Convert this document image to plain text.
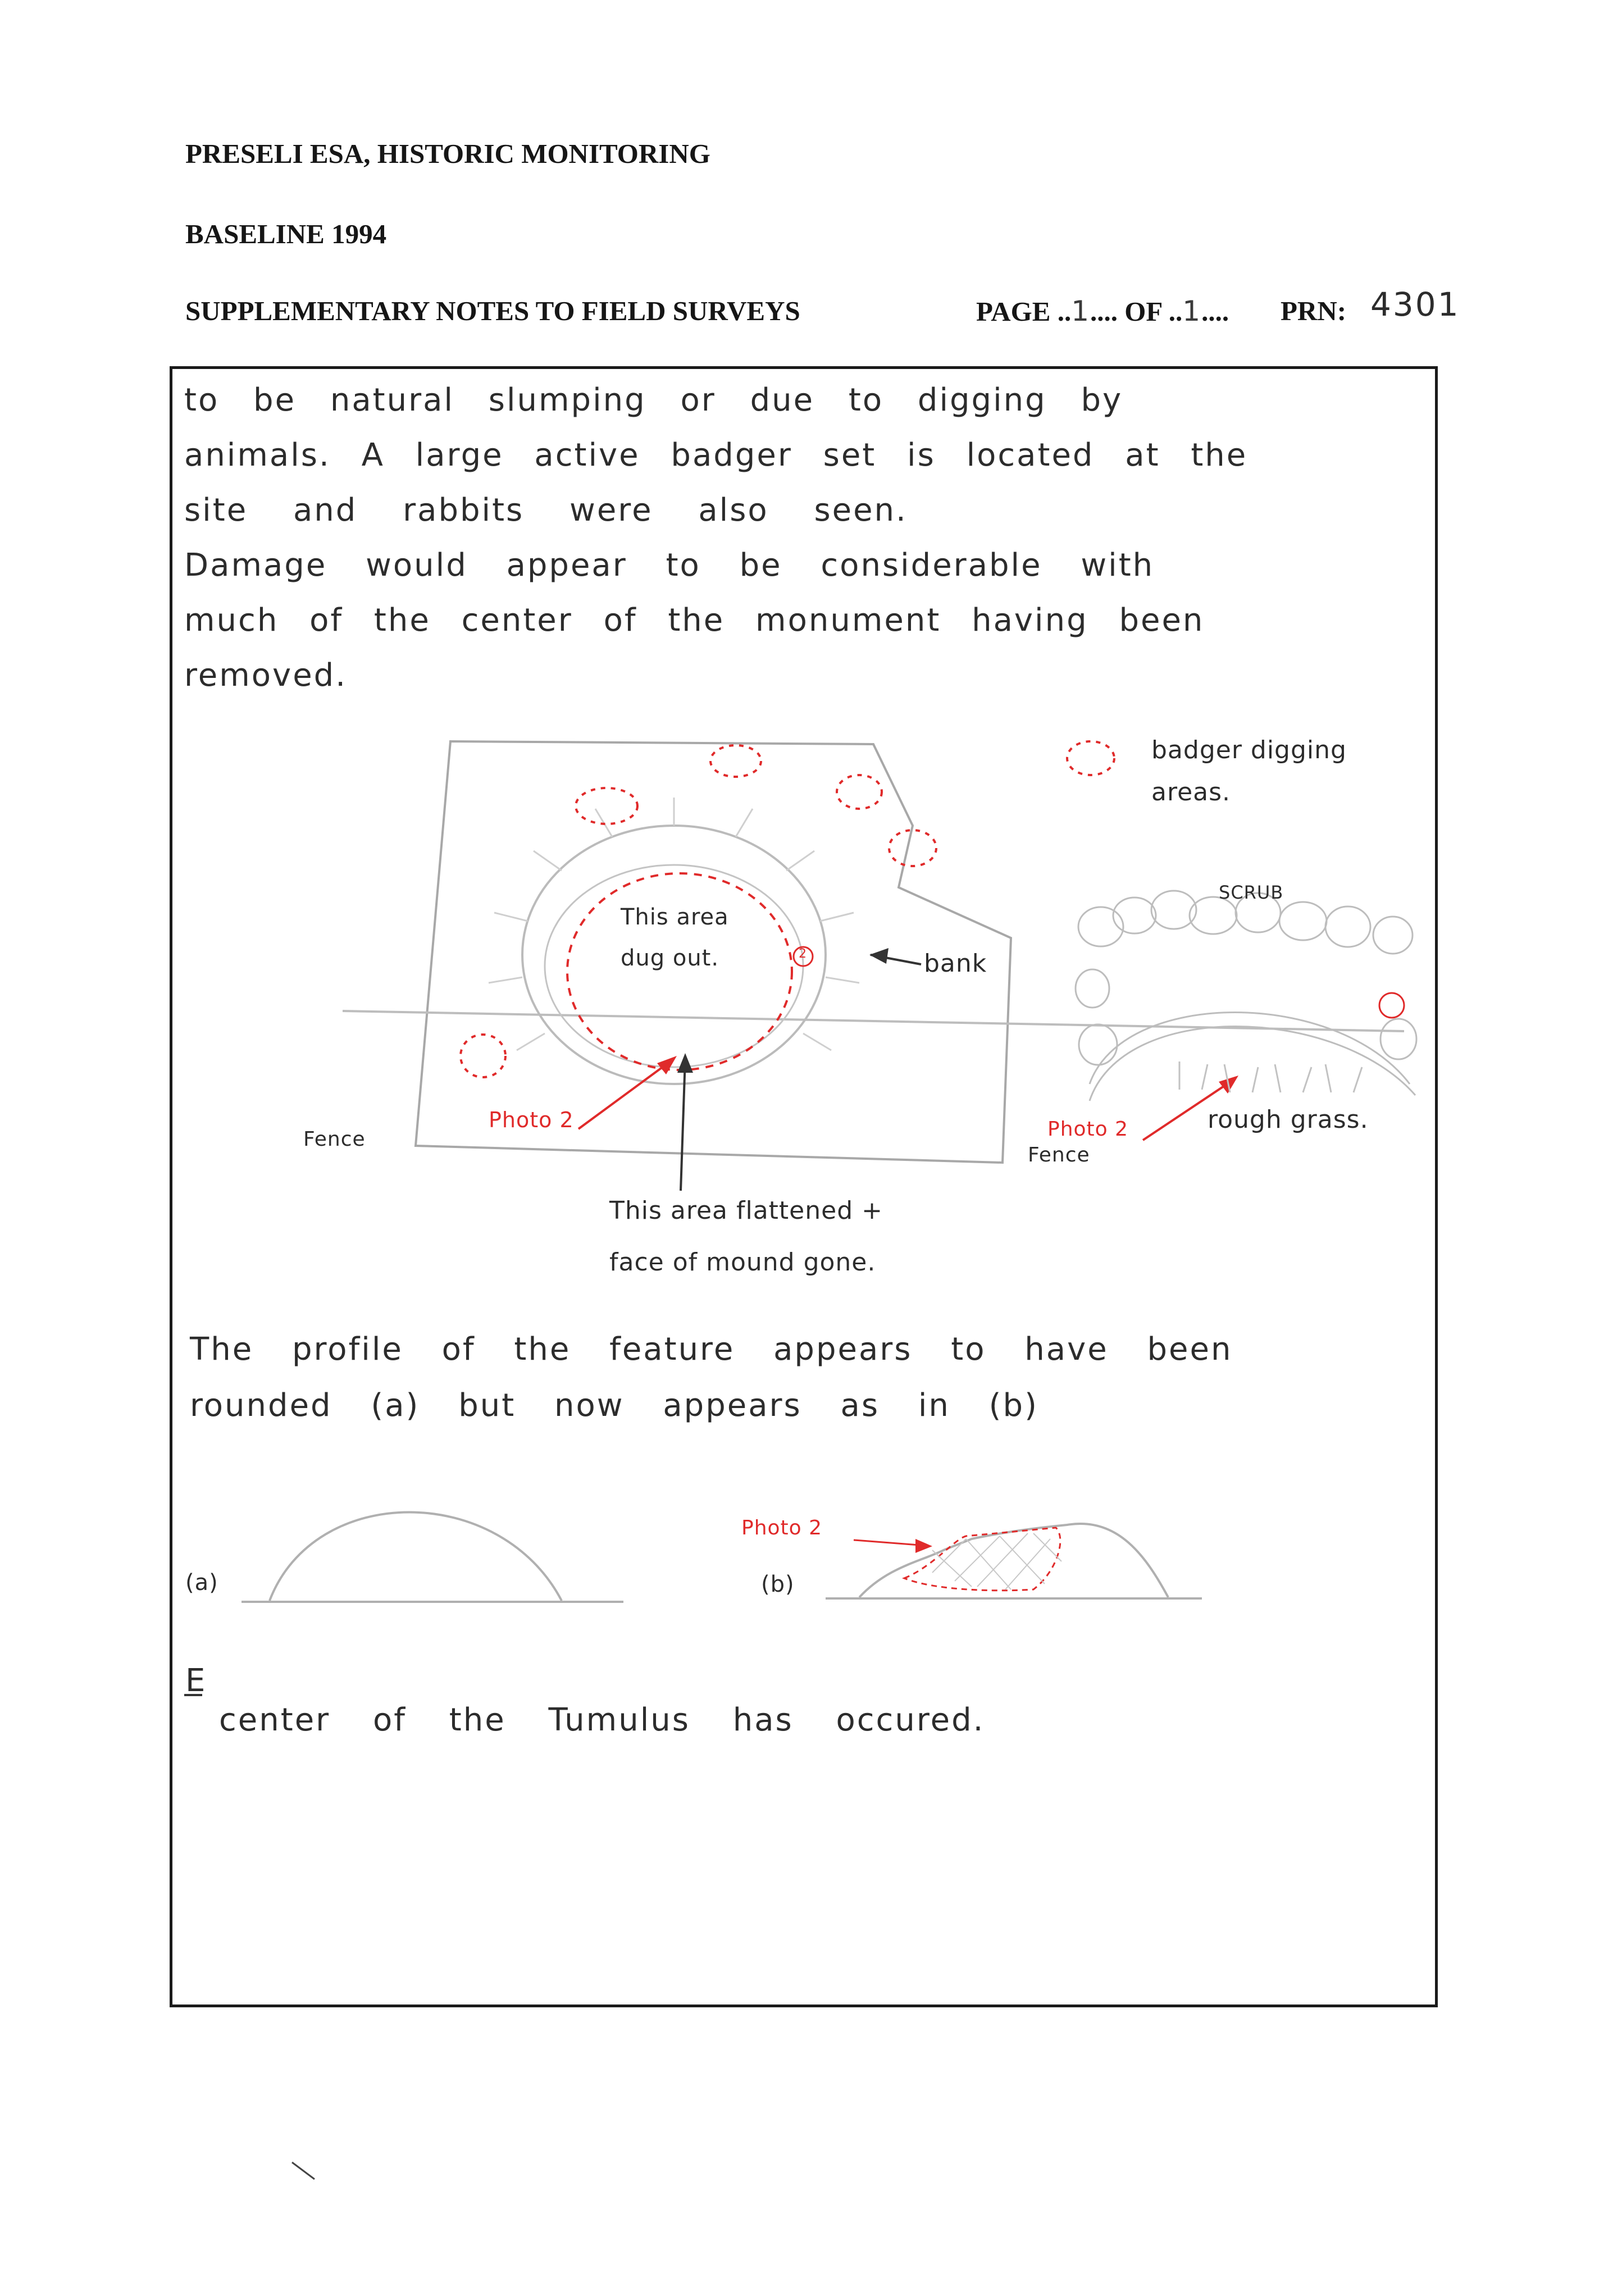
PRESELI ESA, HISTORIC MONITORING
BASELINE 1994
SUPPLEMENTARY NOTES TO FIELD SURVEYS	PAGE ..1.... OF ..1.... PRN: 4301
to be natural slumping or due to digging by
animals. A large active badger set is located at the
site and rabbits were also seen.
Damage would appear to be considerable with
much of the center of the monument having been
removed.
badger digging
areas.
This area
dug out.	2	bank
Fence
Photo 2
This area flattened +
face of mound gone.
SCRUB
Photo 2
Fence
rough grass.
The profile of the feature appears to have been
rounded (a) but now appears as in (b)
(a)	(b)
Photo 2
E
center of the Tumulus has occured.
